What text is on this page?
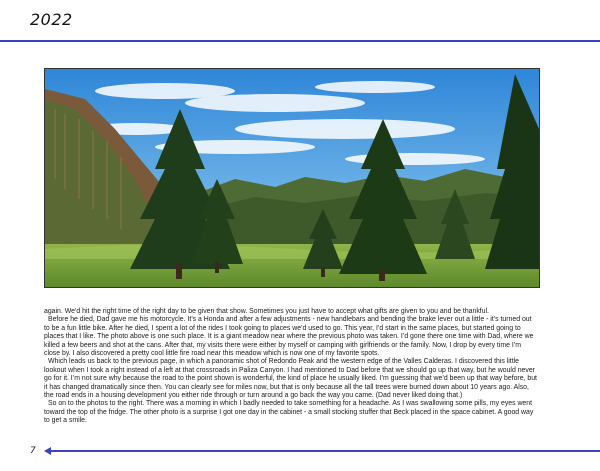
2022

again. We’d hit the right time of the right day to be given that show. Sometimes you just have to accept what gifts are given to you and be thankful.

Before he died, Dad gave me his motorcycle. It’s a Honda and after a few adjustments - new handlebars and bending the brake lever out a little - it’s turned out to be a fun little bike. After he died, I spent a lot of the rides I took going to places we’d used to go. This year, I’d start in the same places, but started going to places that I like. The photo above is one such place. It is a giant meadow near where the previous photo was taken. I’d gone there one time with Dad, where we killed a few beers and shot at the cans. After that, my visits there were either by myself or camping with girlfriends or the family. Now, I drop by every time I’m close by. I also discovered a pretty cool little fire road near this meadow which is now one of my favorite spots.

Which leads us back to the previous page, in which a panoramic shot of Redondo Peak and the western edge of the Valles Calderas. I discovered this little lookout when I took a right instead of a left at that crossroads in Paliza Canyon. I had mentioned to Dad before that we should go up that way, but he would never go for it. I’m not sure why because the road to the point shown is wonderful, the kind of place he usually liked. I’m guessing that we’d been up that way before, but it has changed dramatically since then. You can clearly see for miles now, but that is only because all the tall trees were burned down about 10 years ago. Also, the road ends in a housing development you either ride through or turn around a go back the way you came. (Dad never liked doing that.)

So on to the photos to the right. There was a morning in which I badly needed to take something for a headache. As I was swallowing some pills, my eyes went toward the top of the fridge. The other photo is a surprise I got one day in the cabinet - a small stocking stuffer that Beck placed in the space cabinet. A good way to get a smile.

7
